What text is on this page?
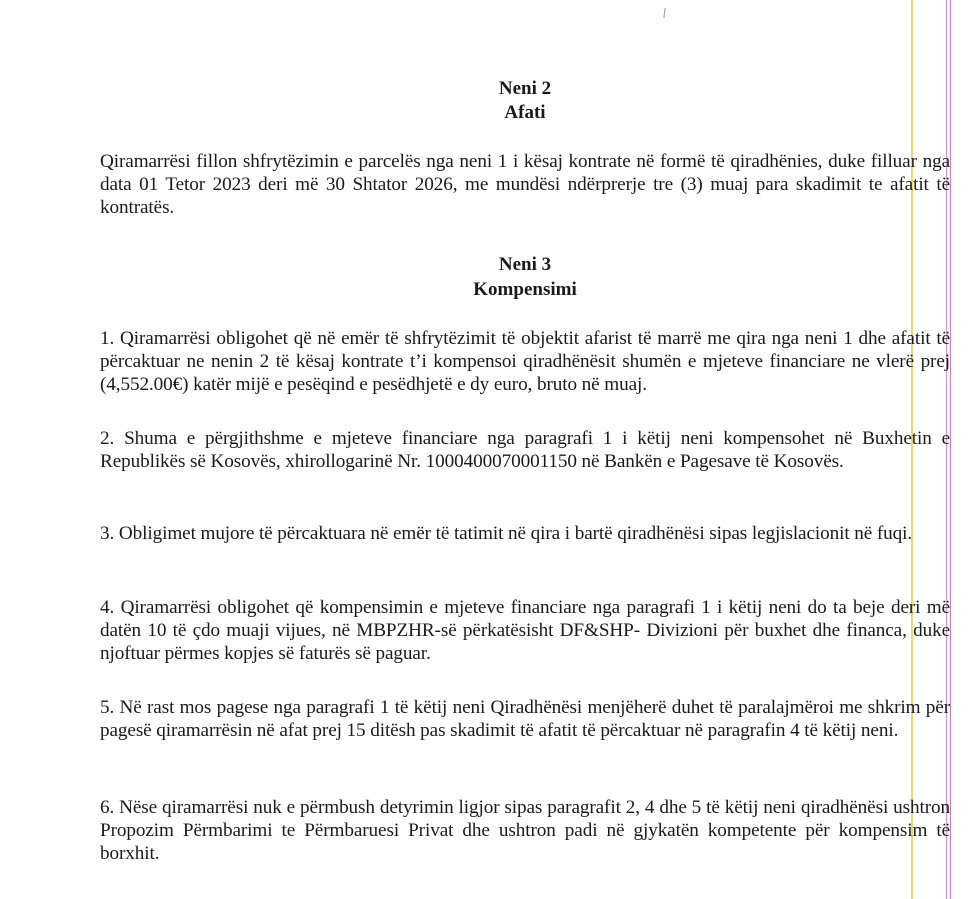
Neni 2

Afati

Qiramarrësi fillon shfrytëzimin e parcelës nga neni 1 i kësaj kontrate në formë të qiradhënies, duke filluar nga data 01 Tetor 2023 deri më 30 Shtator 2026, me mundësi ndërprerje tre (3) muaj para skadimit te afatit të kontratës.

Neni 3

Kompensimi

1. Qiramarrësi obligohet që në emër të shfrytëzimit të objektit afarist të marrë me qira nga neni 1 dhe afatit të përcaktuar ne nenin 2 të kësaj kontrate t’i kompensoi qiradhënësit shumën e mjeteve financiare ne vlerë prej (4,552.00€) katër mijë e pesëqind e pesëdhjetë e dy euro, bruto në muaj.

2. Shuma e përgjithshme e mjeteve financiare nga paragrafi 1 i këtij neni kompensohet në Buxhetin e Republikës së Kosovës, xhirollogarinë Nr. 1000400070001150 në Bankën e Pagesave të Kosovës.

3. Obligimet mujore të përcaktuara në emër të tatimit në qira i bartë qiradhënësi sipas legjislacionit në fuqi.

4. Qiramarrësi obligohet që kompensimin e mjeteve financiare nga paragrafi 1 i këtij neni do ta beje deri më datën 10 të çdo muaji vijues, në MBPZHR-së përkatësisht DF&SHP- Divizioni për buxhet dhe financa, duke njoftuar përmes kopjes së faturës së paguar.

5. Në rast mos pagese nga paragrafi 1 të këtij neni Qiradhënësi menjëherë duhet të paralajmëroi me shkrim për pagesë qiramarrësin në afat prej 15 ditësh pas skadimit të afatit të përcaktuar në paragrafin 4 të këtij neni.

6. Nëse qiramarrësi nuk e përmbush detyrimin ligjor sipas paragrafit 2, 4 dhe 5 të këtij neni qiradhënësi ushtron Propozim Përmbarimi te Përmbaruesi Privat dhe ushtron padi në gjykatën kompetente për kompensim të borxhit.
